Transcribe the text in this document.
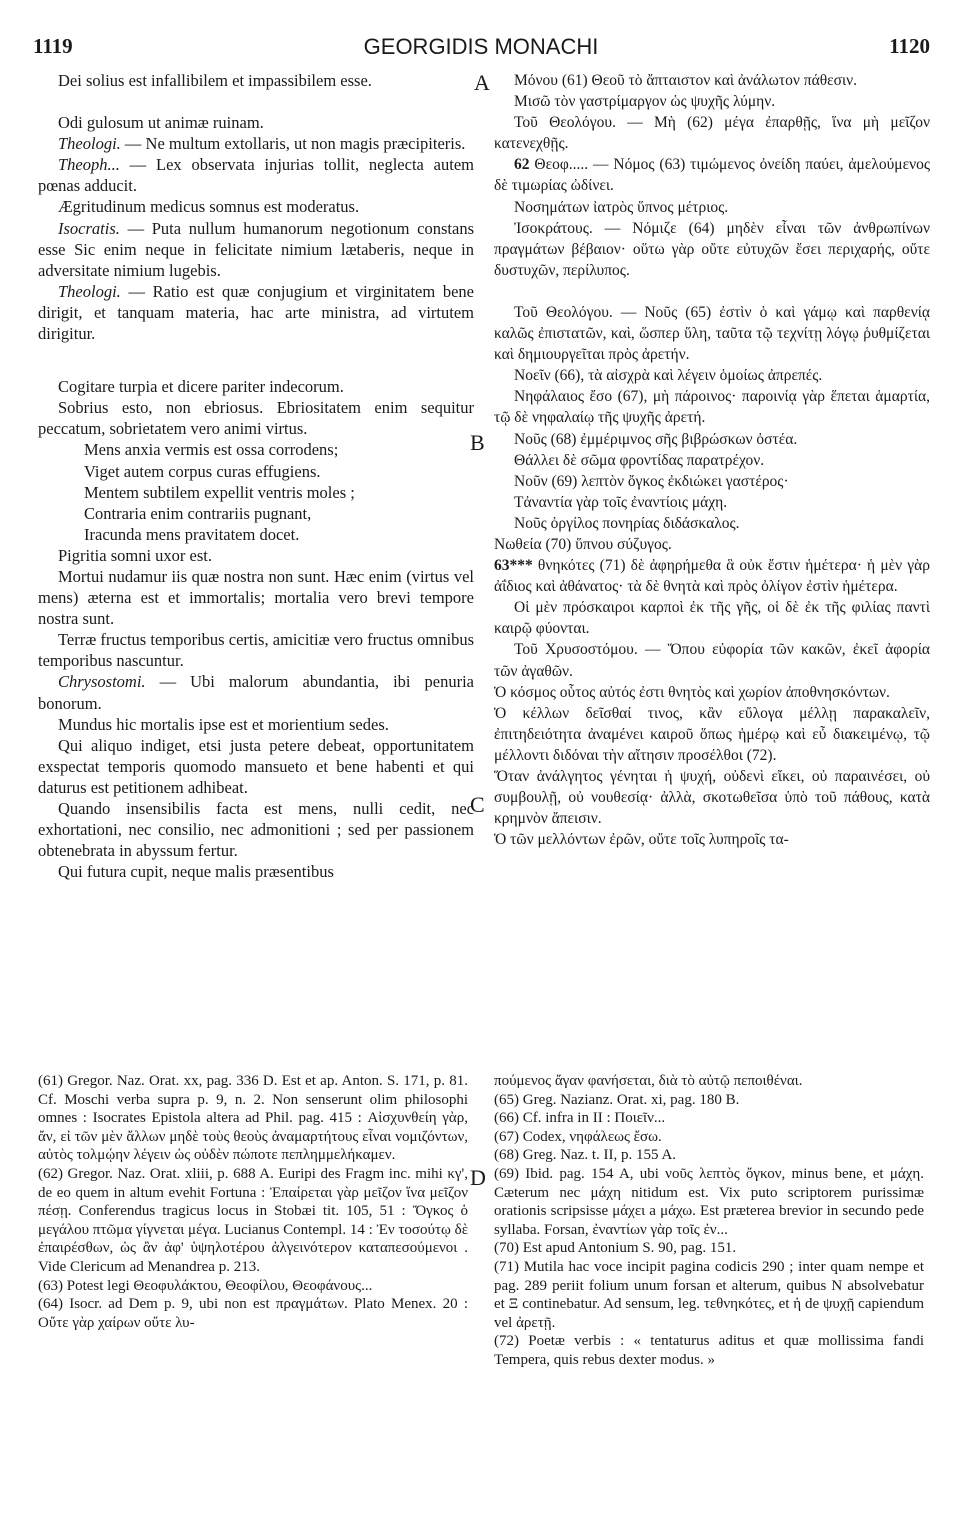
1119	GEORGIDIS MONACHI	1120
A
B
C
D

Dei solius est infallibilem et impassibilem esse.

Odi gulosum ut animæ ruinam.

Theologi. — Ne multum extollaris, ut non magis præcipiteris.

Theoph... — Lex observata injurias tollit, neglecta autem pœnas adducit.

Ægritudinum medicus somnus est moderatus.

Isocratis. — Puta nullum humanorum negotionum constans esse Sic enim neque in felicitate nimium lætaberis, neque in adversitate nimium lugebis.

Theologi. — Ratio est quæ conjugium et virginitatem bene dirigit, et tanquam materia, hac arte ministra, ad virtutem dirigitur.

Cogitare turpia et dicere pariter indecorum.

Sobrius esto, non ebriosus. Ebriositatem enim sequitur peccatum, sobrietatem vero animi virtus.

Mens anxia vermis est ossa corrodens;

Viget autem corpus curas effugiens.

Mentem subtilem expellit ventris moles ;

Contraria enim contrariis pugnant,

Iracunda mens pravitatem docet.

Pigritia somni uxor est.

Mortui nudamur iis quæ nostra non sunt. Hæc enim (virtus vel mens) æterna est et immortalis; mortalia vero brevi tempore nostra sunt.

Terræ fructus temporibus certis, amicitiæ vero fructus omnibus temporibus nascuntur.

Chrysostomi. — Ubi malorum abundantia, ibi penuria bonorum.

Mundus hic mortalis ipse est et morientium sedes.

Qui aliquo indiget, etsi justa petere debeat, opportunitatem exspectat temporis quomodo mansueto et bene habenti et qui daturus est petitionem adhibeat.

Quando insensibilis facta est mens, nulli cedit, nec exhortationi, nec consilio, nec admonitioni ; sed per passionem obtenebrata in abyssum fertur.

Qui futura cupit, neque malis præsentibus

Μόνου (61) Θεοῦ τὸ ἄπταιστον καὶ ἀνάλωτον πάθεσιν.

Μισῶ τὸν γαστρίμαργον ὡς ψυχῆς λύμην.

Τοῦ Θεολόγου. — Μὴ (62) μέγα ἐπαρθῇς, ἵνα μὴ μεῖζον κατενεχθῇς.

62 Θεοφ..... — Νόμος (63) τιμώμενος ὀνείδη παύει, ἀμελούμενος δὲ τιμωρίας ὠδίνει.

Νοσημάτων ἰατρὸς ὕπνος μέτριος.

Ἰσοκράτους. — Νόμιζε (64) μηδὲν εἶναι τῶν ἀνθρωπίνων πραγμάτων βέβαιον· οὕτω γὰρ οὔτε εὐτυχῶν ἔσει περιχαρής, οὔτε δυστυχῶν, περίλυπος.

Τοῦ Θεολόγου. — Νοῦς (65) ἐστὶν ὁ καὶ γάμῳ καὶ παρθενίᾳ καλῶς ἐπιστατῶν, καὶ, ὥσπερ ὕλη, ταῦτα τῷ τεχνίτῃ λόγῳ ῥυθμίζεται καὶ δημιουργεῖται πρὸς ἀρετήν.

Νοεῖν (66), τὰ αἰσχρὰ καὶ λέγειν ὁμοίως ἀπρεπές.

Νηφάλαιος ἔσο (67), μὴ πάροινος· παροινίᾳ γὰρ ἕπεται ἁμαρτία, τῷ δὲ νηφαλαίῳ τῆς ψυχῆς ἀρετή.

Νοῦς (68) ἐμμέριμνος σῆς βιβρώσκων ὀστέα.

Θάλλει δὲ σῶμα φροντίδας παρατρέχον.

Νοῦν (69) λεπτὸν ὄγκος ἐκδιώκει γαστέρος·

Τἀναντία γὰρ τοῖς ἐναντίοις μάχη.

Νοῦς ὀργίλος πονηρίας διδάσκαλος.

Νωθεία (70) ὕπνου σύζυγος.

63*** θνηκότες (71) δὲ ἀφηρήμεθα ἃ οὐκ ἔστιν ἡμέτερα· ἡ μὲν γὰρ ἀΐδιος καὶ ἀθάνατος· τὰ δὲ θνητὰ καὶ πρὸς ὀλίγον ἐστὶν ἡμέτερα.

Οἱ μὲν πρόσκαιροι καρποὶ ἐκ τῆς γῆς, οἱ δὲ ἐκ τῆς φιλίας παντὶ καιρῷ φύονται.

Τοῦ Χρυσοστόμου. — Ὅπου εὐφορία τῶν κακῶν, ἐκεῖ ἀφορία τῶν ἀγαθῶν.

Ὁ κόσμος οὗτος αὐτός ἐστι θνητὸς καὶ χωρίον ἀποθνησκόντων.

Ὁ κέλλων δεῖσθαί τινος, κἂν εὔλογα μέλλῃ παρακαλεῖν, ἐπιτηδειότητα ἀναμένει καιροῦ ὅπως ἡμέρῳ καὶ εὖ διακειμένῳ, τῷ μέλλοντι διδόναι τὴν αἴτησιν προσέλθοι (72).

Ὅταν ἀνάλγητος γένηται ἡ ψυχή, οὐδενὶ εἴκει, οὐ παραινέσει, οὐ συμβουλῇ, οὐ νουθεσίᾳ· ἀλλὰ, σκοτωθεῖσα ὑπὸ τοῦ πάθους, κατὰ κρημνὸν ἄπεισιν.

Ὁ τῶν μελλόντων ἐρῶν, οὔτε τοῖς λυπηροῖς τα-

(61) Gregor. Naz. Orat. xx, pag. 336 D. Est et ap. Anton. S. 171, p. 81. Cf. Moschi verba supra p. 9, n. 2. Non senserunt olim philosophi omnes : Isocrates Epistola altera ad Phil. pag. 415 : Αἰσχυνθείη γὰρ, ἄν, εἰ τῶν μὲν ἄλλων μηδὲ τοὺς θεοὺς ἀναμαρτήτους εἶναι νομιζόντων, αὐτὸς τολμῴην λέγειν ὡς οὐδὲν πώποτε πεπλημμελήκαμεν.

(62) Gregor. Naz. Orat. xliii, p. 688 A. Euripi des Fragm inc. mihi κγ', de eo quem in altum evehit Fortuna : Ἐπαίρεται γὰρ μεῖζον ἵνα μεῖζον πέσῃ. Conferendus tragicus locus in Stobæi tit. 105, 51 : Ὄγκος ὁ μεγάλου πτῶμα γίγνεται μέγα. Lucianus Contempl. 14 : Ἐν τοσούτῳ δὲ ἐπαιρέσθων, ὡς ἂν ἀφ' ὑψηλοτέρου ἀλγεινότερον καταπεσούμενοι . Vide Clericum ad Menandrea p. 213.

(63) Potest legi Θεοφυλάκτου, Θεοφίλου, Θεοφάνους...

(64) Isocr. ad Dem p. 9, ubi non est πραγμάτων. Plato Menex. 20 : Οὔτε γὰρ χαίρων οὔτε λυ-

πούμενος ἄγαν φανήσεται, διὰ τὸ αὐτῷ πεποιθέναι.

(65) Greg. Nazianz. Orat. xi, pag. 180 B.

(66) Cf. infra in II : Ποιεῖν...

(67) Codex, νηφάλεως ἔσω.

(68) Greg. Naz. t. II, p. 155 A.

(69) Ibid. pag. 154 A, ubi νοῦς λεπτὸς ὄγκον, minus bene, et μάχη. Cæterum nec μάχη nitidum est. Vix puto scriptorem purissimæ orationis scripsisse μάχει a μάχω. Est præterea brevior in secundo pede syllaba. Forsan, ἐναντίων γὰρ τοῖς ἐν...

(70) Est apud Antonium S. 90, pag. 151.

(71) Mutila hac voce incipit pagina codicis 290 ; inter quam nempe et pag. 289 periit folium unum forsan et alterum, quibus N absolvebatur et Ξ continebatur. Ad sensum, leg. τεθνηκότες, et ἡ de ψυχῇ capiendum vel ἀρετῇ.

(72) Poetæ verbis : « tentaturus aditus et quæ mollissima fandi Tempera, quis rebus dexter modus. »
